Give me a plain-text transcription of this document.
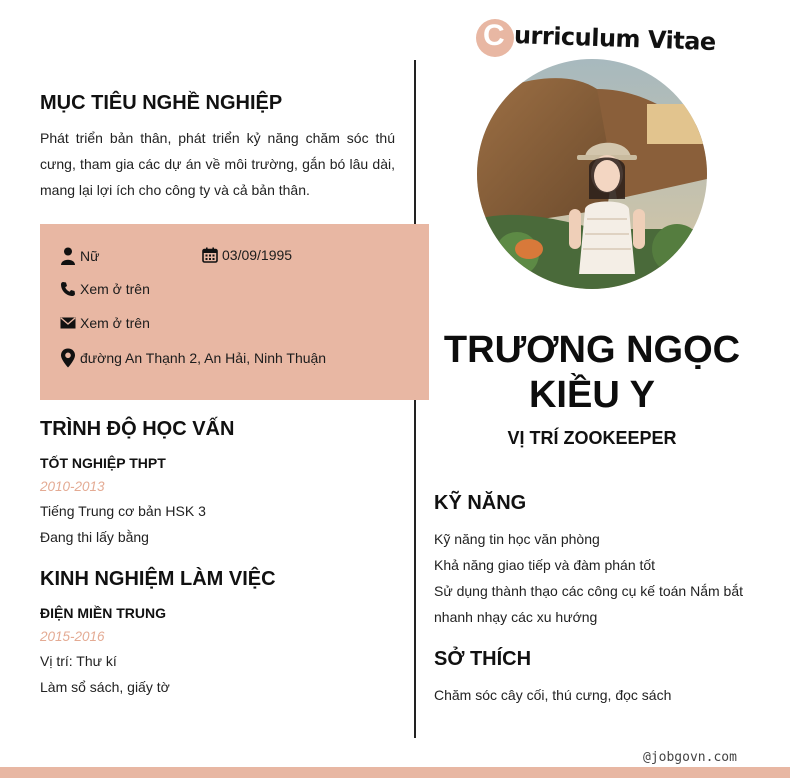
C urriculum Vitae
MỤC TIÊU NGHỀ NGHIỆP

Phát triển bản thân, phát triển kỷ năng chăm sóc thú cưng, tham gia các dự án về môi trường, gắn bó lâu dài, mang lại lợi ích cho công ty và cả bản thân.

Nữ	03/09/1995
Xem ở trên
Xem ở trên
đường An Thạnh 2, An Hải, Ninh Thuận
TRÌNH ĐỘ HỌC VẤN
TỐT NGHIỆP THPT
2010-2013
Tiếng Trung cơ bản HSK 3
Đang thi lấy bằng
KINH NGHIỆM LÀM VIỆC
ĐIỆN MIỀN TRUNG
2015-2016
Vị trí: Thư kí
Làm sổ sách, giấy tờ
TRƯƠNG NGỌC
KIỀU Y
VỊ TRÍ ZOOKEEPER
KỸ NĂNG
Kỹ năng tin học văn phòng
Khả năng giao tiếp và đàm phán tốt
Sử dụng thành thạo các công cụ kế toán Nắm bắt
nhanh nhạy các xu hướng
SỞ THÍCH
Chăm sóc cây cối, thú cưng, đọc sách
@jobgovn.com
